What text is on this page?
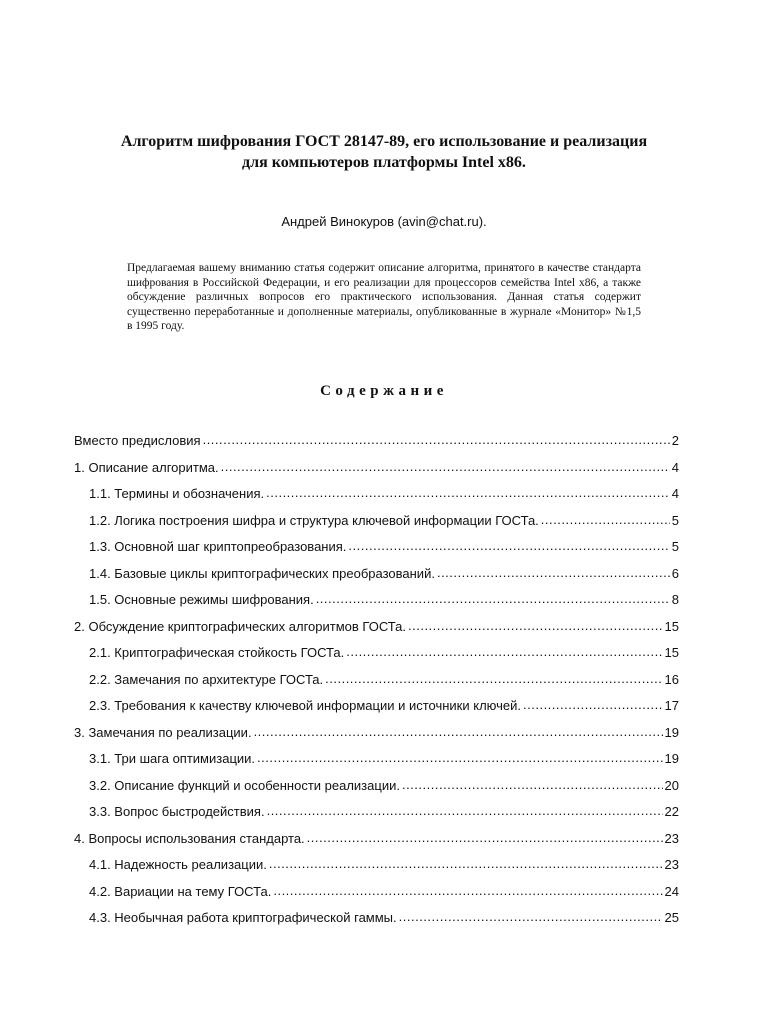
Алгоритм шифрования ГОСТ 28147-89, его использование и реализация
для компьютеров платформы Intel x86.
Андрей Винокуров (avin@chat.ru).
Предлагаемая вашему вниманию статья содержит описание алгоритма, принятого в качестве стандарта шифрования в Российской Федерации, и его реализации для процессоров семейства Intel x86, а также обсуждение различных вопросов его практического использования. Данная статья содержит существенно переработанные и дополненные материалы, опубликованные в журнале «Монитор» №1,5 в 1995 году.
Содержание
Вместо предисловия .....	2
1. Описание алгоритма. .....	4
1.1. Термины и обозначения. .....	4
1.2. Логика построения шифра и структура ключевой информации ГОСТа. .....	5
1.3. Основной шаг криптопреобразования. .....	5
1.4. Базовые циклы криптографических преобразований. .....	6
1.5. Основные режимы шифрования. .....	8
2. Обсуждение криптографических алгоритмов ГОСТа. .....	15
2.1. Криптографическая стойкость ГОСТа. .....	15
2.2. Замечания по архитектуре ГОСТа. .....	16
2.3. Требования к качеству ключевой информации и источники ключей. .....	17
3. Замечания по реализации. .....	19
3.1. Три шага оптимизации. .....	19
3.2. Описание функций и особенности реализации. .....	20
3.3. Вопрос быстродействия. .....	22
4. Вопросы использования стандарта. .....	23
4.1. Надежность реализации. .....	23
4.2. Вариации на тему ГОСТа. .....	24
4.3. Необычная работа криптографической гаммы. .....	25
